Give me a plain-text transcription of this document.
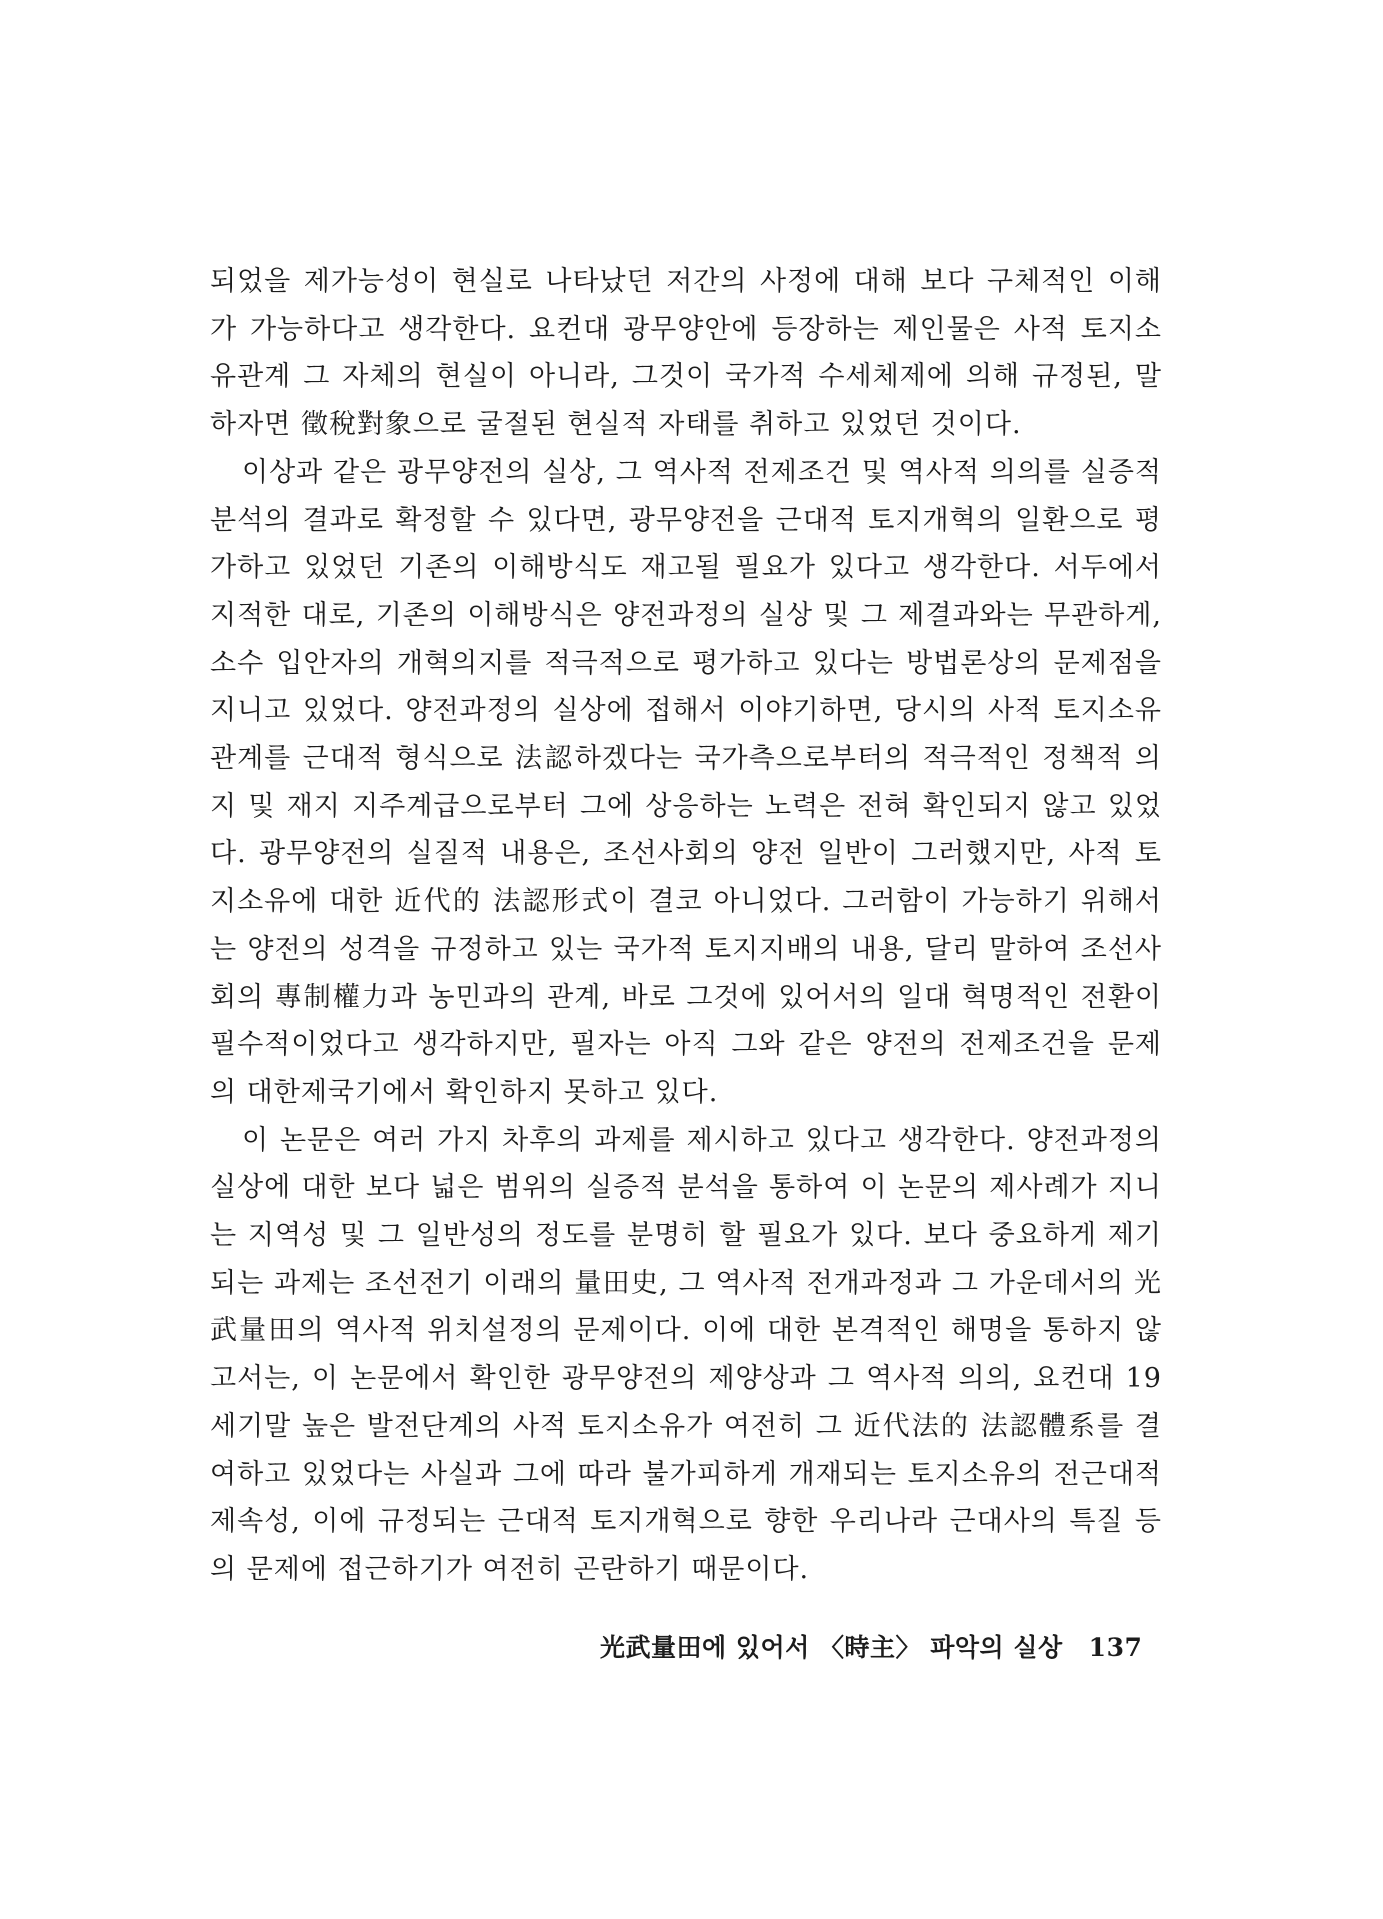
되었을 제가능성이 현실로 나타났던 저간의 사정에 대해 보다 구체적인 이해가 가능하다고 생각한다. 요컨대 광무양안에 등장하는 제인물은 사적 토지소유관계 그 자체의 현실이 아니라, 그것이 국가적 수세체제에 의해 규정된, 말하자면 徵稅對象으로 굴절된 현실적 자태를 취하고 있었던 것이다.

이상과 같은 광무양전의 실상, 그 역사적 전제조건 및 역사적 의의를 실증적 분석의 결과로 확정할 수 있다면, 광무양전을 근대적 토지개혁의 일환으로 평가하고 있었던 기존의 이해방식도 재고될 필요가 있다고 생각한다. 서두에서 지적한 대로, 기존의 이해방식은 양전과정의 실상 및 그 제결과와는 무관하게, 소수 입안자의 개혁의지를 적극적으로 평가하고 있다는 방법론상의 문제점을 지니고 있었다. 양전과정의 실상에 접해서 이야기하면, 당시의 사적 토지소유관계를 근대적 형식으로 法認하겠다는 국가측으로부터의 적극적인 정책적 의지 및 재지 지주계급으로부터 그에 상응하는 노력은 전혀 확인되지 않고 있었다. 광무양전의 실질적 내용은, 조선사회의 양전 일반이 그러했지만, 사적 토지소유에 대한 近代的 法認形式이 결코 아니었다. 그러함이 가능하기 위해서는 양전의 성격을 규정하고 있는 국가적 토지지배의 내용, 달리 말하여 조선사회의 專制權力과 농민과의 관계, 바로 그것에 있어서의 일대 혁명적인 전환이 필수적이었다고 생각하지만, 필자는 아직 그와 같은 양전의 전제조건을 문제의 대한제국기에서 확인하지 못하고 있다.

이 논문은 여러 가지 차후의 과제를 제시하고 있다고 생각한다. 양전과정의 실상에 대한 보다 넓은 범위의 실증적 분석을 통하여 이 논문의 제사례가 지니는 지역성 및 그 일반성의 정도를 분명히 할 필요가 있다. 보다 중요하게 제기되는 과제는 조선전기 이래의 量田史, 그 역사적 전개과정과 그 가운데서의 光武量田의 역사적 위치설정의 문제이다. 이에 대한 본격적인 해명을 통하지 않고서는, 이 논문에서 확인한 광무양전의 제양상과 그 역사적 의의, 요컨대 19세기말 높은 발전단계의 사적 토지소유가 여전히 그 近代法的 法認體系를 결여하고 있었다는 사실과 그에 따라 불가피하게 개재되는 토지소유의 전근대적 제속성, 이에 규정되는 근대적 토지개혁으로 향한 우리나라 근대사의 특질 등의 문제에 접근하기가 여전히 곤란하기 때문이다.

光武量田에 있어서 〈時主〉 파악의 실상 137
